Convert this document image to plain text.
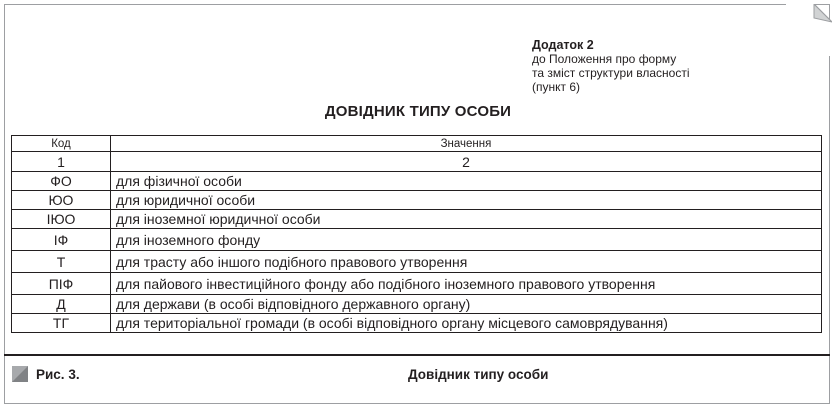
Додаток 2
до Положення про форму
та зміст структури власності
(пункт 6)
ДОВІДНИК ТИПУ ОСОБИ
Код	Значення
1	2
ФО	для фізичної особи
ЮО	для юридичної особи
ІЮО	для іноземної юридичної особи
ІФ	для іноземного фонду
Т	для трасту або іншого подібного правового утворення
ПІФ	для пайового інвестиційного фонду або подібного іноземного правового утворення
Д	для держави (в особі відповідного державного органу)
ТГ	для територіальної громади (в особі відповідного органу місцевого самоврядування)
Рис. 3.	Довідник типу особи
